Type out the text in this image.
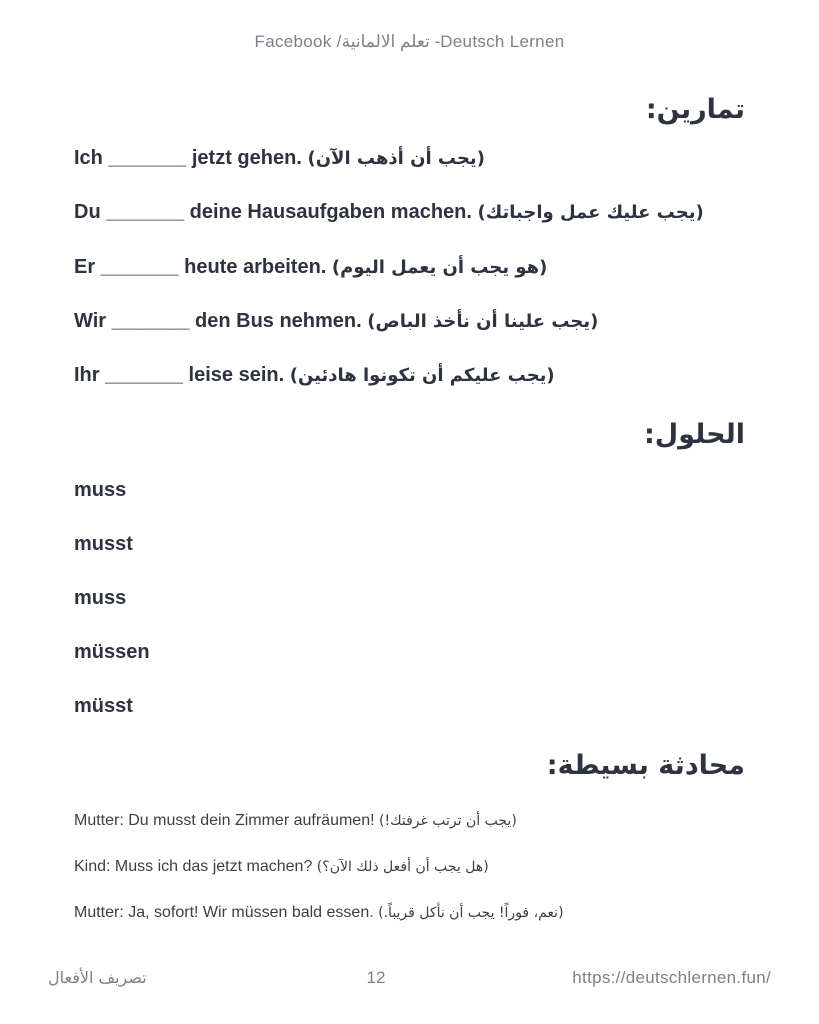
Facebook /تعلم الالمانية -Deutsch Lernen
تمارين:
Ich _______ jetzt gehen. (يجب أن أذهب الآن)
Du _______ deine Hausaufgaben machen. (يجب عليك عمل واجباتك)
Er _______ heute arbeiten. (هو يجب أن يعمل اليوم)
Wir _______ den Bus nehmen. (يجب علينا أن نأخذ الباص)
Ihr _______ leise sein. (يجب عليكم أن تكونوا هادئين)
الحلول:
muss
musst
muss
müssen
müsst
محادثة بسيطة:
Mutter: Du musst dein Zimmer aufräumen! (!يجب أن ترتب غرفتك)
Kind: Muss ich das jetzt machen? (هل يجب أن أفعل ذلك الآن؟)
Mutter: Ja, sofort! Wir müssen bald essen. (.نعم، فوراً! يجب أن نأكل قريباً)
تصريف الأفعال	12	https://deutschlernen.fun/
